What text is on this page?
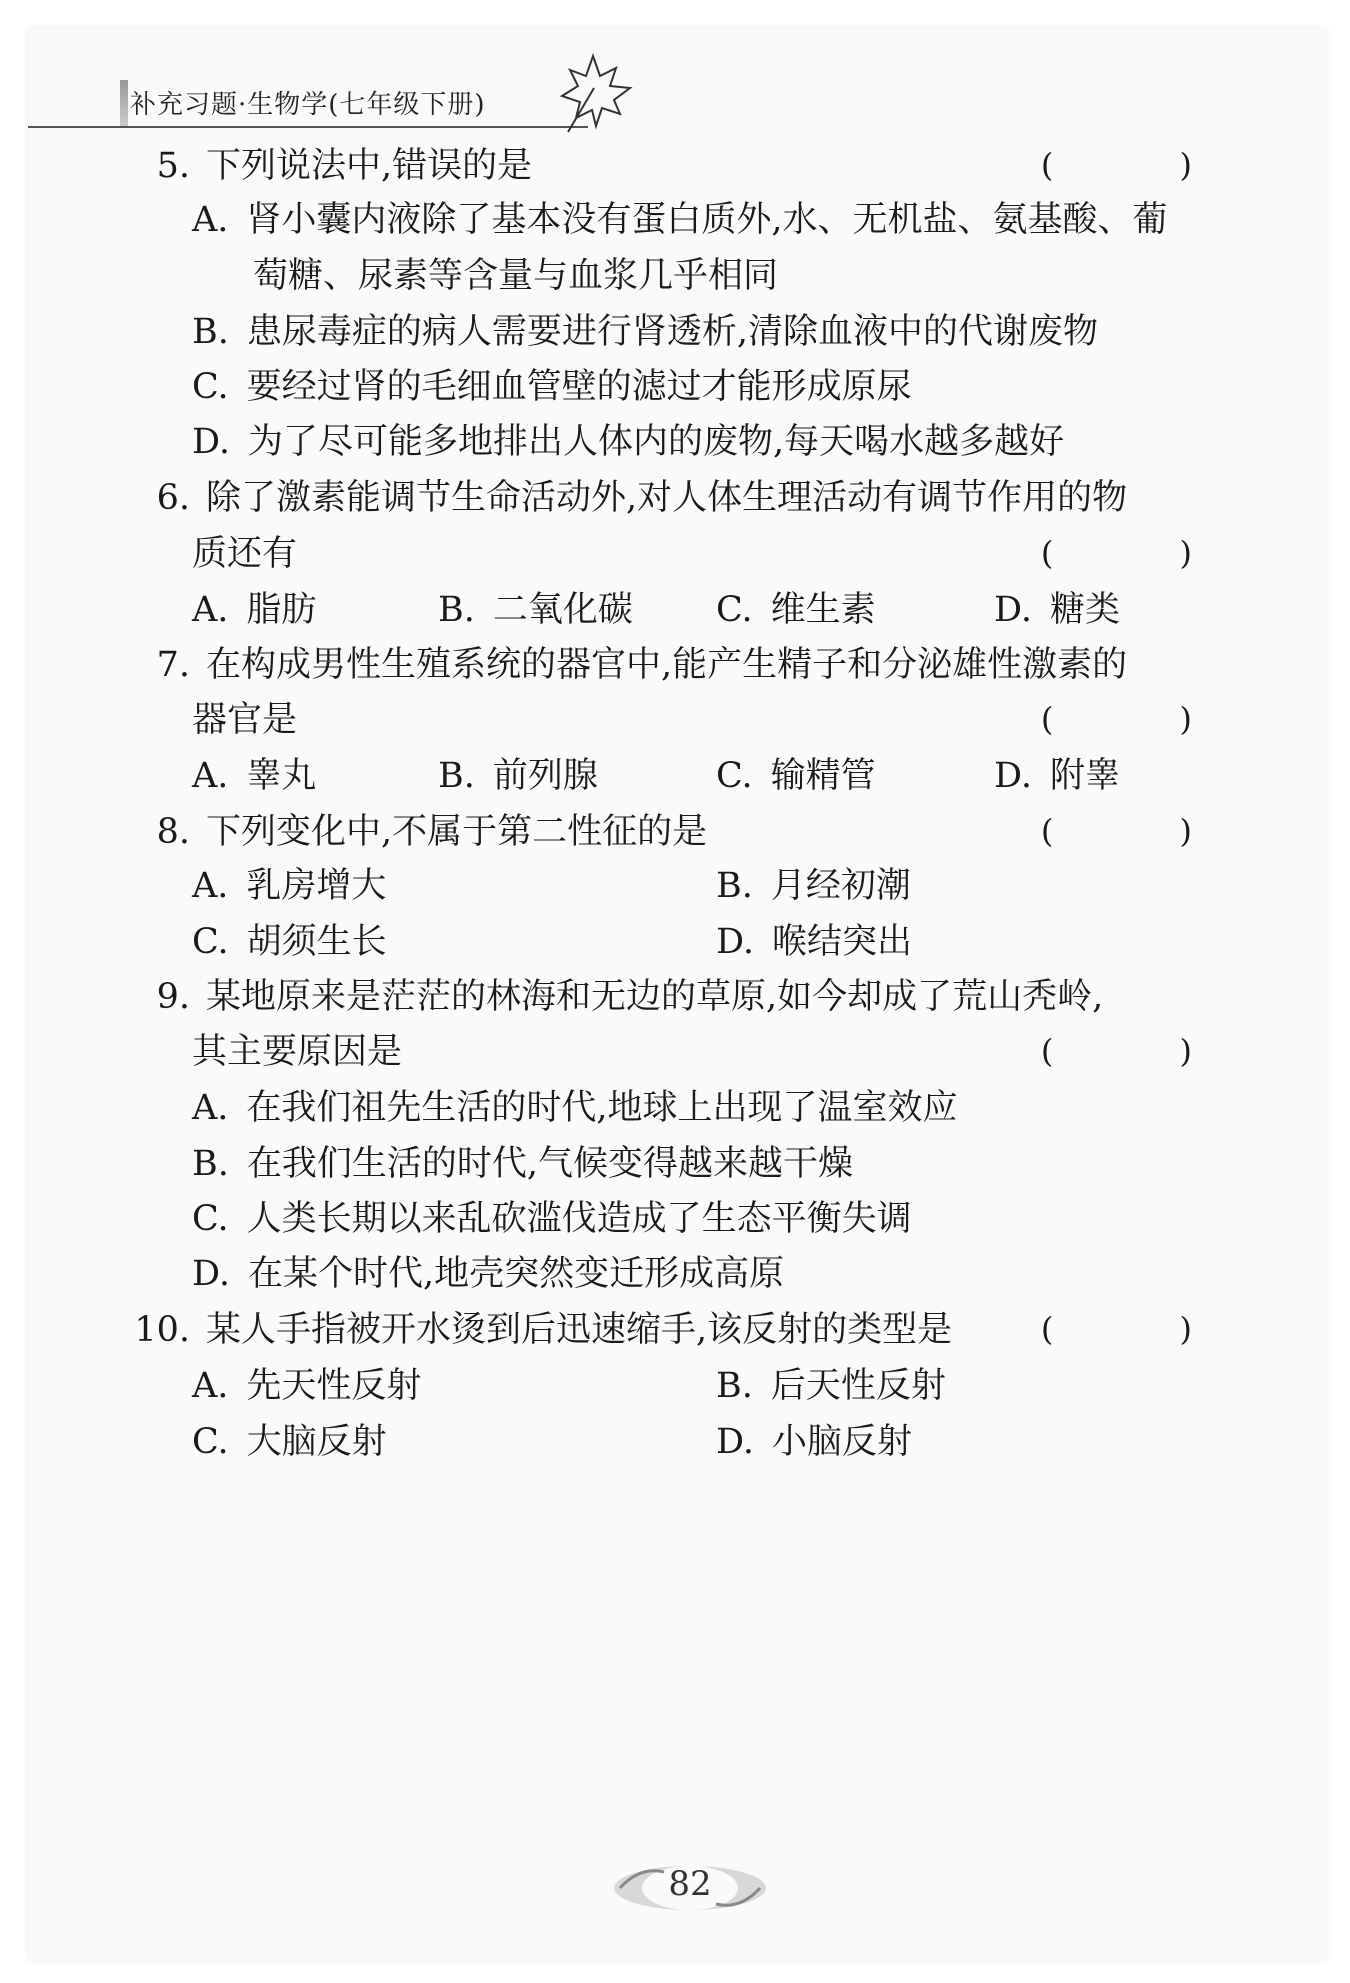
补充习题·生物学(七年级下册)
5. 下列说法中,错误的是	( )
A. 肾小囊内液除了基本没有蛋白质外,水、无机盐、氨基酸、葡
萄糖、尿素等含量与血浆几乎相同
B. 患尿毒症的病人需要进行肾透析,清除血液中的代谢废物
C. 要经过肾的毛细血管壁的滤过才能形成原尿
D. 为了尽可能多地排出人体内的废物,每天喝水越多越好
6. 除了激素能调节生命活动外,对人体生理活动有调节作用的物
质还有	( )
A. 脂肪	B. 二氧化碳 C. 维生素	D. 糖类
7. 在构成男性生殖系统的器官中,能产生精子和分泌雄性激素的
器官是	( )
A. 睾丸	B. 前列腺	C. 输精管	D. 附睾
8. 下列变化中,不属于第二性征的是	( )
A. 乳房增大	B. 月经初潮
C. 胡须生长	D. 喉结突出
9. 某地原来是茫茫的林海和无边的草原,如今却成了荒山秃岭,
其主要原因是	( )
A. 在我们祖先生活的时代,地球上出现了温室效应
B. 在我们生活的时代,气候变得越来越干燥
C. 人类长期以来乱砍滥伐造成了生态平衡失调
D. 在某个时代,地壳突然变迁形成高原
10. 某人手指被开水烫到后迅速缩手,该反射的类型是	( )
A. 先天性反射	B. 后天性反射
C. 大脑反射	D. 小脑反射
82
